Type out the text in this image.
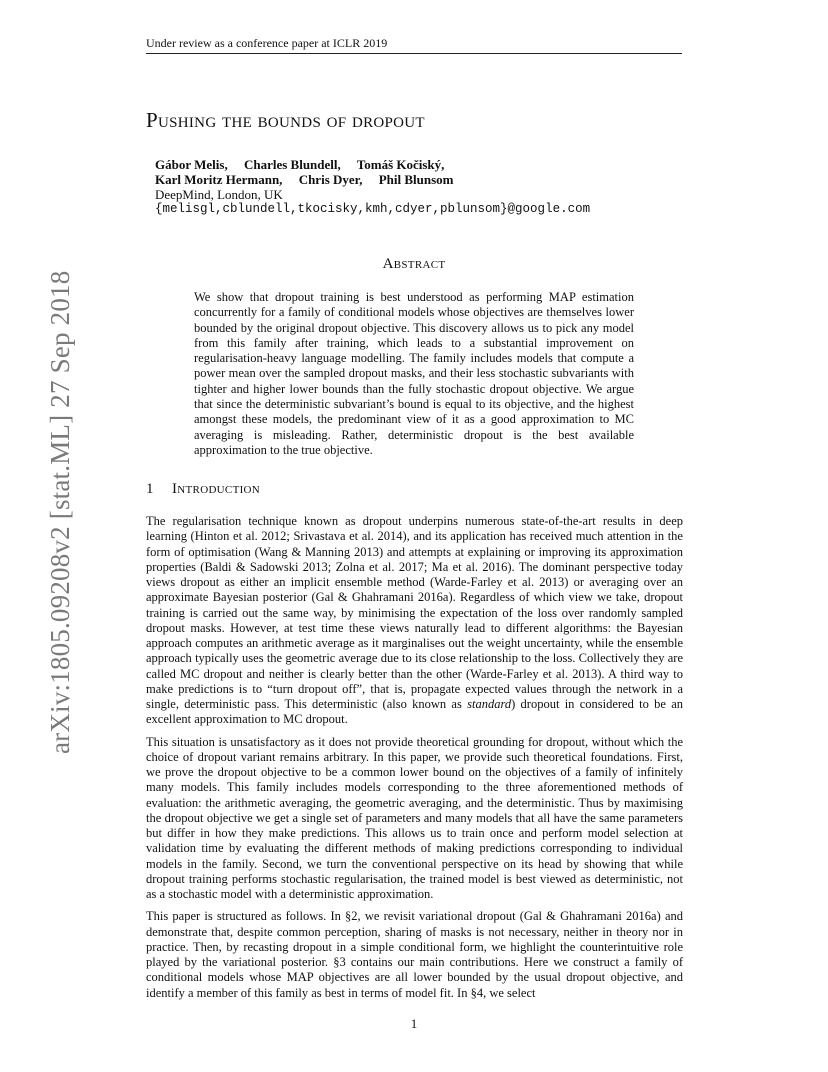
Under review as a conference paper at ICLR 2019
arXiv:1805.09208v2 [stat.ML] 27 Sep 2018
Pushing the bounds of dropout
Gábor Melis, Charles Blundell, Tomáš Kočiský,
Karl Moritz Hermann, Chris Dyer, Phil Blunsom
DeepMind, London, UK
{melisgl,cblundell,tkocisky,kmh,cdyer,pblunsom}@google.com
Abstract
We show that dropout training is best understood as performing MAP estimation concurrently for a family of conditional models whose objectives are themselves lower bounded by the original dropout objective. This discovery allows us to pick any model from this family after training, which leads to a substantial improvement on regularisation-heavy language modelling. The family includes models that compute a power mean over the sampled dropout masks, and their less stochastic subvariants with tighter and higher lower bounds than the fully stochastic dropout objective. We argue that since the deterministic subvariant’s bound is equal to its objective, and the highest amongst these models, the predominant view of it as a good approximation to MC averaging is misleading. Rather, deterministic dropout is the best available approximation to the true objective.
1 Introduction

The regularisation technique known as dropout underpins numerous state-of-the-art results in deep learning (Hinton et al. 2012; Srivastava et al. 2014), and its application has received much attention in the form of optimisation (Wang & Manning 2013) and attempts at explaining or improving its approximation properties (Baldi & Sadowski 2013; Zolna et al. 2017; Ma et al. 2016). The dominant perspective today views dropout as either an implicit ensemble method (Warde-Farley et al. 2013) or averaging over an approximate Bayesian posterior (Gal & Ghahramani 2016a). Regardless of which view we take, dropout training is carried out the same way, by minimising the expectation of the loss over randomly sampled dropout masks. However, at test time these views naturally lead to different algorithms: the Bayesian approach computes an arithmetic average as it marginalises out the weight uncertainty, while the ensemble approach typically uses the geometric average due to its close relationship to the loss. Collectively they are called MC dropout and neither is clearly better than the other (Warde-Farley et al. 2013). A third way to make predictions is to “turn dropout off”, that is, propagate expected values through the network in a single, deterministic pass. This deterministic (also known as standard) dropout in considered to be an excellent approximation to MC dropout.

This situation is unsatisfactory as it does not provide theoretical grounding for dropout, without which the choice of dropout variant remains arbitrary. In this paper, we provide such theoretical foundations. First, we prove the dropout objective to be a common lower bound on the objectives of a family of infinitely many models. This family includes models corresponding to the three aforementioned methods of evaluation: the arithmetic averaging, the geometric averaging, and the deterministic. Thus by maximising the dropout objective we get a single set of parameters and many models that all have the same parameters but differ in how they make predictions. This allows us to train once and perform model selection at validation time by evaluating the different methods of making predictions corresponding to individual models in the family. Second, we turn the conventional perspective on its head by showing that while dropout training performs stochastic regularisation, the trained model is best viewed as deterministic, not as a stochastic model with a deterministic approximation.

This paper is structured as follows. In §2, we revisit variational dropout (Gal & Ghahramani 2016a) and demonstrate that, despite common perception, sharing of masks is not necessary, neither in theory nor in practice. Then, by recasting dropout in a simple conditional form, we highlight the counterintuitive role played by the variational posterior. §3 contains our main contributions. Here we construct a family of conditional models whose MAP objectives are all lower bounded by the usual dropout objective, and identify a member of this family as best in terms of model fit. In §4, we select

1
